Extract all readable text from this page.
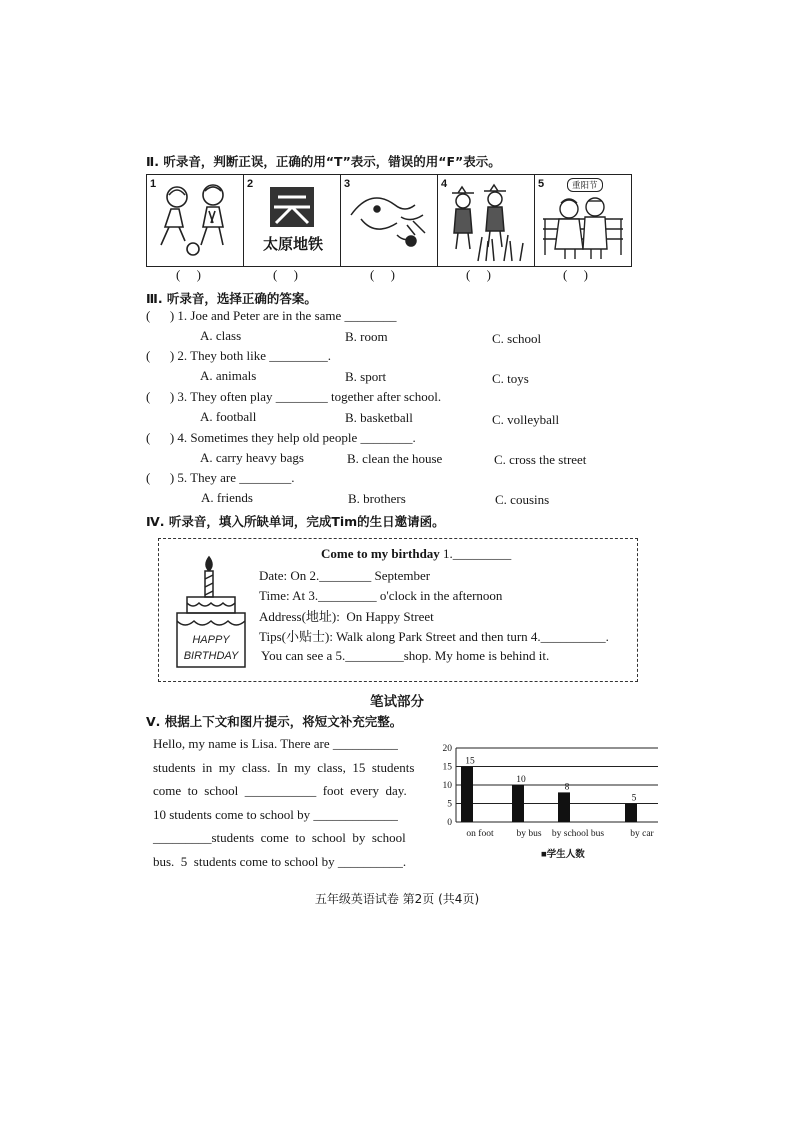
Ⅱ. 听录音，判断正误，正确的用“T”表示，错误的用“F”表示。
1	2
太原地铁
3	4	5	重阳节
(     )	(     )	(     )	(     )	(     )
Ⅲ. 听录音，选择正确的答案。
(      ) 1. Joe and Peter are in the same ________
A. class	B. room	C. school
(      ) 2. They both like _________.
A. animals	B. sport	C. toys
(      ) 3. They often play ________ together after school.
A. football	B. basketball	C. volleyball
(      ) 4. Sometimes they help old people ________.
A. carry heavy bags	B. clean the house	C. cross the street
(      ) 5. They are ________.
A. friends	B. brothers	C. cousins
Ⅳ. 听录音，填入所缺单词，完成Tim的生日邀请函。
HAPPY
BIRTHDAY
Come to my birthday 1._________
Date: On 2.________ September
Time: At 3._________ o'clock in the afternoon
Address(地址):  On Happy Street
Tips(小贴士): Walk along Park Street and then turn 4.__________.
You can see a 5._________shop. My home is behind it.
笔试部分
Ⅴ. 根据上下文和图片提示，将短文补充完整。
Hello, my name is Lisa. There are __________
students  in  my  class.  In  my  class,  15  students
come  to  school  ___________  foot  every  day.
10 students come to school by _____________
_________students  come  to  school  by  school
bus.  5  students come to school by __________.
0
5
10
15
20
15
on foot
10
by bus
8
by school bus
5
by car
■学生人数
五年级英语试卷 第2页 (共4页)
